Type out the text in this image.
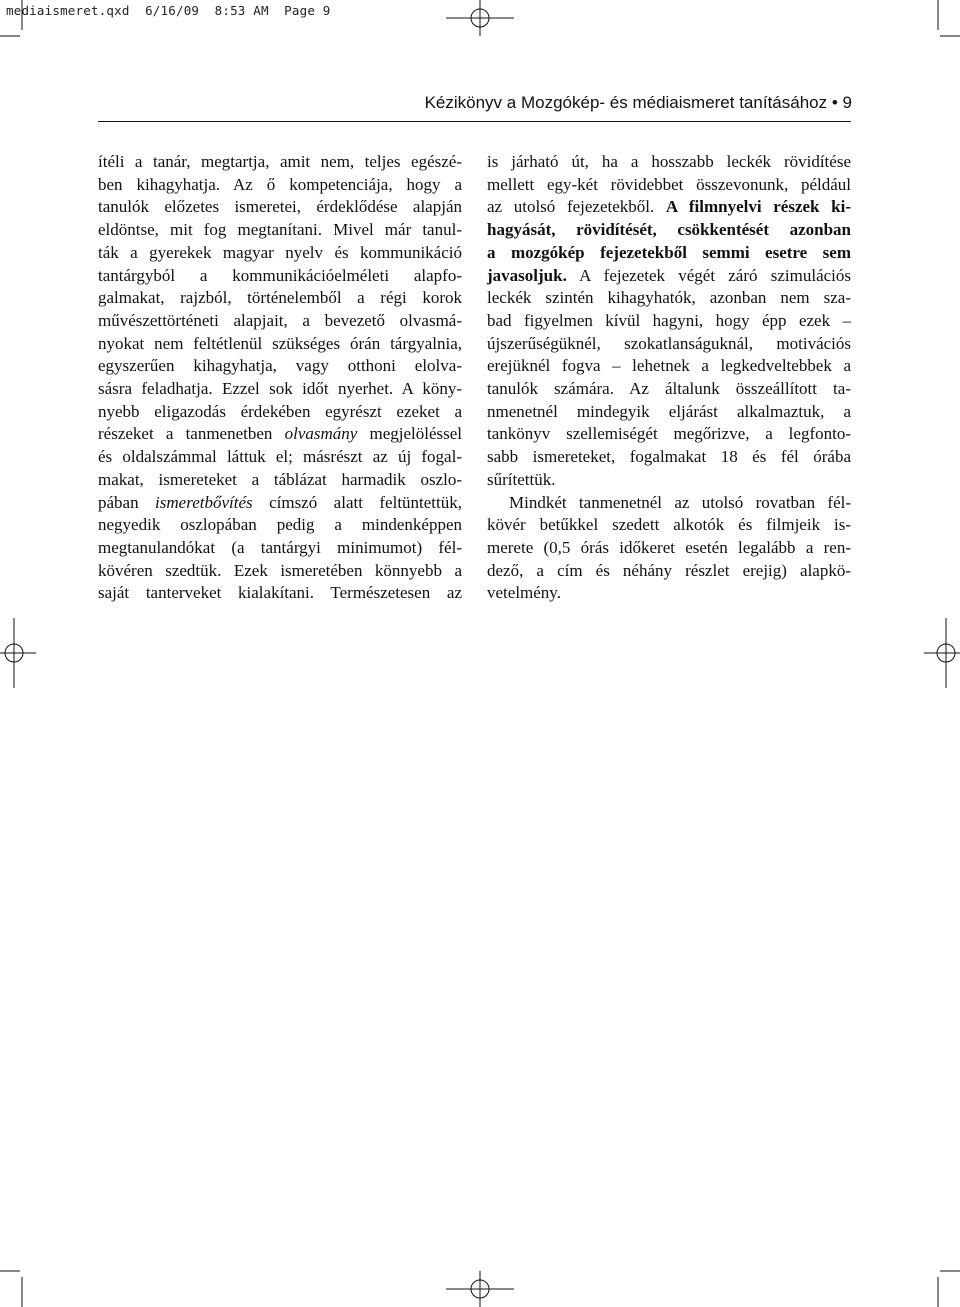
mediaismeret.qxd 6/16/09 8:53 AM Page 9
Kézikönyv a Mozgókép- és médiaismeret tanításához • 9

ítéli a tanár, megtartja, amit nem, teljes egészé-
ben kihagyhatja. Az ő kompetenciája, hogy a
tanulók előzetes ismeretei, érdeklődése alapján
eldöntse, mit fog megtanítani. Mivel már tanul-
ták a gyerekek magyar nyelv és kommunikáció
tantárgyból a kommunikációelméleti alapfo-
galmakat, rajzból, történelemből a régi korok
művészettörténeti alapjait, a bevezető olvasmá-
nyokat nem feltétlenül szükséges órán tárgyalnia,
egyszerűen kihagyhatja, vagy otthoni elolva-
sásra feladhatja. Ezzel sok időt nyerhet. A köny-
nyebb eligazodás érdekében egyrészt ezeket a
részeket a tanmenetben olvasmány megjelöléssel
és oldalszámmal láttuk el; másrészt az új fogal-
makat, ismereteket a táblázat harmadik oszlo-
pában ismeretbővítés címszó alatt feltüntettük,
negyedik oszlopában pedig a mindenképpen
megtanulandókat (a tantárgyi minimumot) fél-
kövéren szedtük. Ezek ismeretében könnyebb a
saját tanterveket kialakítani. Természetesen az

is járható út, ha a hosszabb leckék rövidítése
mellett egy-két rövidebbet összevonunk, például
az utolsó fejezetekből. A filmnyelvi részek ki-
hagyását, rövidítését, csökkentését azonban
a mozgókép fejezetekből semmi esetre sem
javasoljuk. A fejezetek végét záró szimulációs
leckék szintén kihagyhatók, azonban nem sza-
bad figyelmen kívül hagyni, hogy épp ezek –
újszerűségüknél, szokatlanságuknál, motivációs
erejüknél fogva – lehetnek a legkedveltebbek a
tanulók számára. Az általunk összeállított ta-
nmenetnél mindegyik eljárást alkalmaztuk, a
tankönyv szellemiségét megőrizve, a legfonto-
sabb ismereteket, fogalmakat 18 és fél órába
sűrítettük.

Mindkét tanmenetnél az utolsó rovatban fél-
kövér betűkkel szedett alkotók és filmjeik is-
merete (0,5 órás időkeret esetén legalább a ren-
dező, a cím és néhány részlet erejig) alapkö-
vetelmény.
